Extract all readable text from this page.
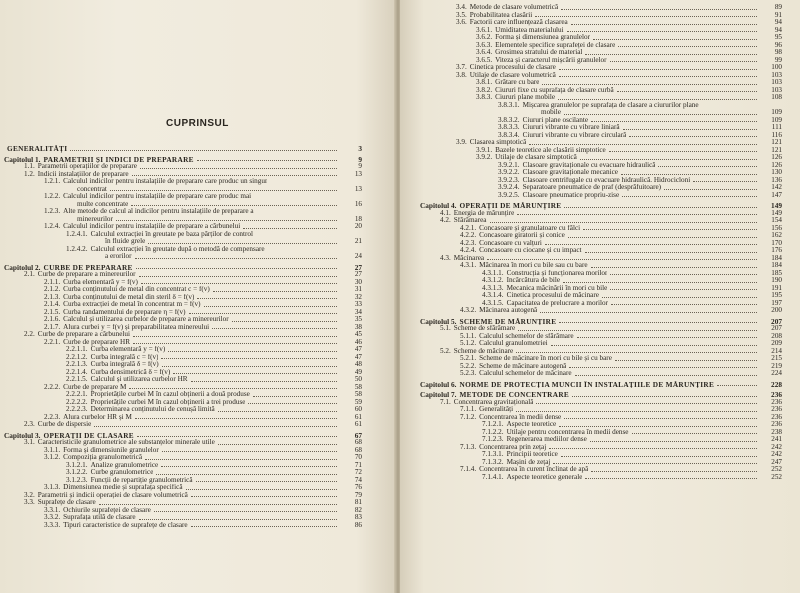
CUPRINSUL
GENERALITĂȚI	3
Capitolul 1. PARAMETRII ȘI INDICI DE PREPARARE	9
1.1. Parametrii operațiilor de preparare	9
1.2. Indicii instalațiilor de preparare	13
1.2.1. Calculul indicilor pentru instalațiile de preparare care produc un singur
concentrat	13
1.2.2. Calculul indicilor pentru instalațiile de preparare care produc mai
multe concentrate	16
1.2.3. Alte metode de calcul al indicilor pentru instalațiile de preparare a
minereurilor	18
1.2.4. Calculul indicilor pentru instalațiile de preparare a cărbunelui	20
1.2.4.1. Calculul extracției în greutate pe baza părților de control
în fluide grele	21
1.2.4.2. Calculul extracției în greutate după o metodă de compensare
a erorilor	24
Capitolul 2. CURBE DE PREPARARE	27
2.1. Curbe de preparare a minereurilor	27
2.1.1. Curba elementară y = f(v)	30
2.1.2. Curba conținutului de metal din concentrat c = f(v)	31
2.1.3. Curba conținutului de metal din steril δ = f(v)	32
2.1.4. Curba extracției de metal în concentrat m = f(v)	33
2.1.5. Curba randamentului de preparare η = f(v)	34
2.1.6. Calculul și utilizarea curbelor de preparare a minereurilor	35
2.1.7. Alura curbei y = f(v) și preparabilitatea minereului	38
2.2. Curbe de preparare a cărbunelui	45
2.2.1. Curbe de preparare HR	46
2.2.1.1. Curba elementară y = f(v)	47
2.2.1.2. Curba integrală c = f(v)	47
2.2.1.3. Curba integrală δ = f(v)	48
2.2.1.4. Curba densimetrică δ = f(v)	49
2.2.1.5. Calculul și utilizarea curbelor HR	50
2.2.2. Curbe de preparare M	58
2.2.2.1. Proprietățile curbei M în cazul obținerii a două produse	58
2.2.2.2. Proprietățile curbei M în cazul obținerii a trei produse	59
2.2.2.3. Determinarea conținutului de cenușă limită	60
2.2.3. Alura curbelor HR și M	61
2.3. Curbe de dispersie	61
Capitolul 3. OPERAȚII DE CLASARE	67
3.1. Caracteristicile granulometrice ale substanțelor minerale utile	68
3.1.1. Forma și dimensiunile granulelor	68
3.1.2. Compoziția granulometrică	70
3.1.2.1. Analize granulometrice	71
3.1.2.2. Curbe granulometrice	72
3.1.2.3. Funcții de repartiție granulometrică	74
3.1.3. Dimensiunea medie și suprafața specifică	76
3.2. Parametrii și indicii operației de clasare volumetrică	79
3.3. Suprafețe de clasare	81
3.3.1. Ochiurile suprafeței de clasare	82
3.3.2. Suprafața utilă de clasare	83
3.3.3. Tipuri caracteristice de suprafețe de clasare	86
3.4. Metode de clasare volumetrică	89
3.5. Probabilitatea clasării	91
3.6. Factorii care influențează clasarea	94
3.6.1. Umiditatea materialului	94
3.6.2. Forma și dimensiunea granulelor	95
3.6.3. Elementele specifice suprafeței de clasare	96
3.6.4. Grosimea stratului de material	98
3.6.5. Viteza și caracterul mișcării granulelor	99
3.7. Cinetica procesului de clasare	100
3.8. Utilaje de clasare volumetrică	103
3.8.1. Grătare cu bare	103
3.8.2. Ciururi fixe cu suprafața de clasare curbă	103
3.8.3. Ciururi plane mobile	108
3.8.3.1. Mișcarea granulelor pe suprafața de clasare a ciururilor plane
mobile	109
3.8.3.2. Ciururi plane oscilante	109
3.8.3.3. Ciururi vibrante cu vibrare liniară	111
3.8.3.4. Ciururi vibrante cu vibrare circulară	116
3.9. Clasarea simptotică	121
3.9.1. Bazele teoretice ale clasării simptotice	121
3.9.2. Utilaje de clasare simptotică	126
3.9.2.1. Clasoare gravitaționale cu evacuare hidraulică	126
3.9.2.2. Clasoare gravitaționale mecanice	130
3.9.2.3. Clasoare centrifugale cu evacuare hidraulică. Hidrocicloni	136
3.9.2.4. Separatoare pneumatice de praf (desprăfuitoare)	142
3.9.2.5. Clasoare pneumatice propriu-zise	147
Capitolul 4. OPERAȚII DE MĂRUNȚIRE	149
4.1. Energia de mărunțire	149
4.2. Sfărâmarea	154
4.2.1. Concasoare și granulatoare cu fălci	156
4.2.2. Concasoare giratorii și conice	162
4.2.3. Concasoare cu valțuri	170
4.2.4. Concasoare cu ciocane și cu impact	176
4.3. Măcinarea	184
4.3.1. Măcinarea în mori cu bile sau cu bare	184
4.3.1.1. Construcția și funcționarea morilor	185
4.3.1.2. Încărcătura de bile	190
4.3.1.3. Mecanica măcinării în mori cu bile	191
4.3.1.4. Cinetica procesului de măcinare	195
4.3.1.5. Capacitatea de prelucrare a morilor	197
4.3.2. Măcinarea autogenă	200
Capitolul 5. SCHEME DE MĂRUNȚIRE	207
5.1. Scheme de sfărâmare	207
5.1.1. Calculul schemelor de sfărâmare	208
5.1.2. Calculul granulometriei	209
5.2. Scheme de măcinare	214
5.2.1. Scheme de măcinare în mori cu bile și cu bare	215
5.2.2. Scheme de măcinare autogenă	219
5.2.3. Calculul schemelor de măcinare	224
Capitolul 6. NORME DE PROTECȚIA MUNCII ÎN INSTALAȚIILE DE MĂRUNȚIRE	228
Capitolul 7. METODE DE CONCENTRARE	236
7.1. Concentrarea gravitațională	236
7.1.1. Generalități	236
7.1.2. Concentrarea în medii dense	236
7.1.2.1. Aspecte teoretice	236
7.1.2.2. Utilaje pentru concentrarea în medii dense	238
7.1.2.3. Regenerarea mediilor dense	241
7.1.3. Concentrarea prin zețaj	242
7.1.3.1. Principii teoretice	242
7.1.3.2. Mașini de zețaj	247
7.1.4. Concentrarea în curent înclinat de apă	252
7.1.4.1. Aspecte teoretice generale	252
